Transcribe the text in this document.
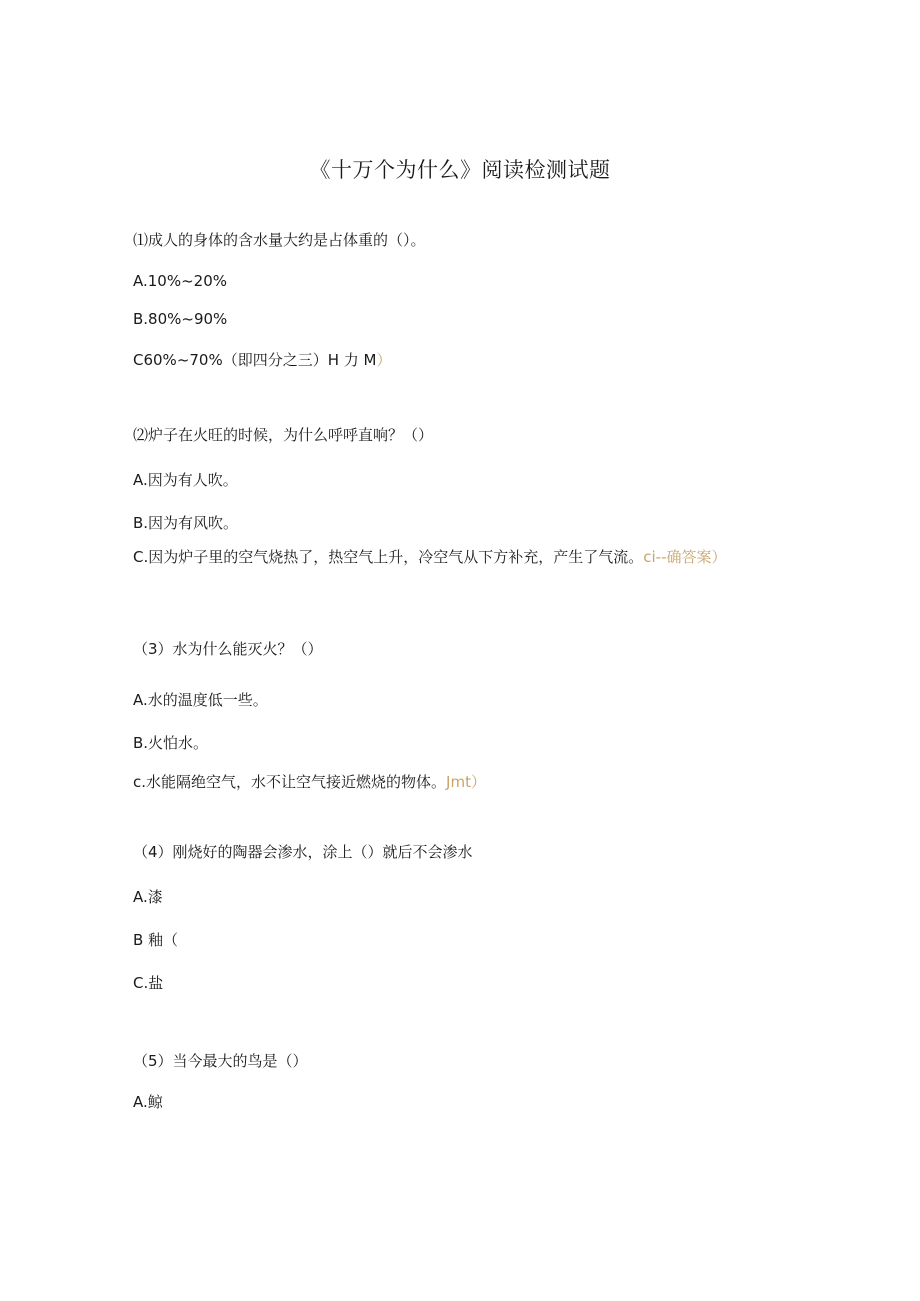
《十万个为什么》阅读检测试题
⑴成人的身体的含水量大约是占体重的（）。
A.10%~20%
B.80%~90%
C60%~70%（即四分之三）H 力 M）
⑵炉子在火旺的时候，为什么呼呼直响？（）
A.因为有人吹。
B.因为有风吹。
C.因为炉子里的空气烧热了，热空气上升，冷空气从下方补充，产生了气流。ci--确答案）
（3）水为什么能灭火？（）
A.水的温度低一些。
B.火怕水。
c.水能隔绝空气，水不让空气接近燃烧的物体。Jmt）
（4）刚烧好的陶器会渗水，涂上（）就后不会渗水
A.漆
B 釉（
C.盐
（5）当今最大的鸟是（）
A.鲸
